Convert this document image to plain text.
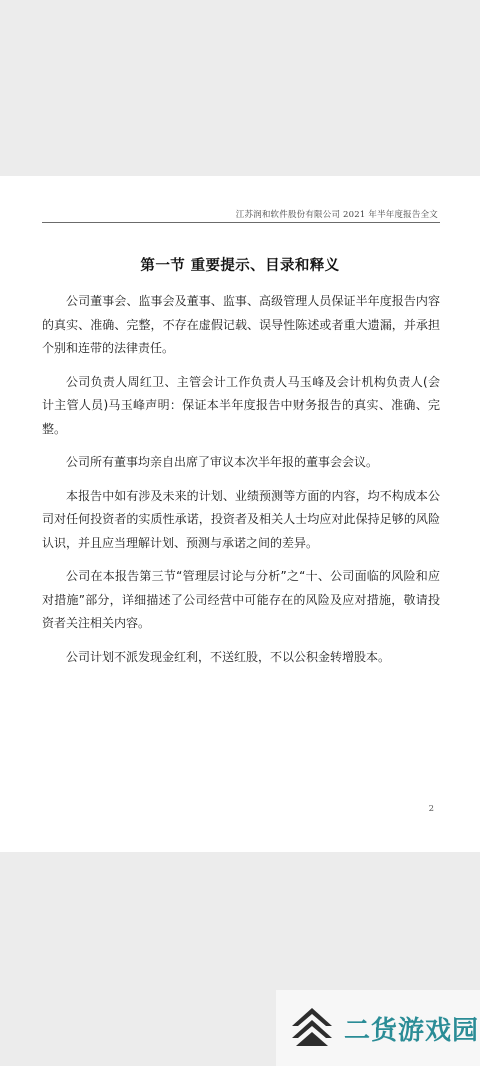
江苏润和软件股份有限公司 2021 年半年度报告全文
第一节 重要提示、目录和释义

公司董事会、监事会及董事、监事、高级管理人员保证半年度报告内容的真实、准确、完整，不存在虚假记载、误导性陈述或者重大遗漏，并承担个别和连带的法律责任。

公司负责人周红卫、主管会计工作负责人马玉峰及会计机构负责人(会计主管人员)马玉峰声明：保证本半年度报告中财务报告的真实、准确、完整。

公司所有董事均亲自出席了审议本次半年报的董事会会议。

本报告中如有涉及未来的计划、业绩预测等方面的内容，均不构成本公司对任何投资者的实质性承诺，投资者及相关人士均应对此保持足够的风险认识，并且应当理解计划、预测与承诺之间的差异。

公司在本报告第三节“管理层讨论与分析”之“十、公司面临的风险和应对措施”部分，详细描述了公司经营中可能存在的风险及应对措施，敬请投资者关注相关内容。

公司计划不派发现金红利，不送红股，不以公积金转增股本。

2
二货游戏园
